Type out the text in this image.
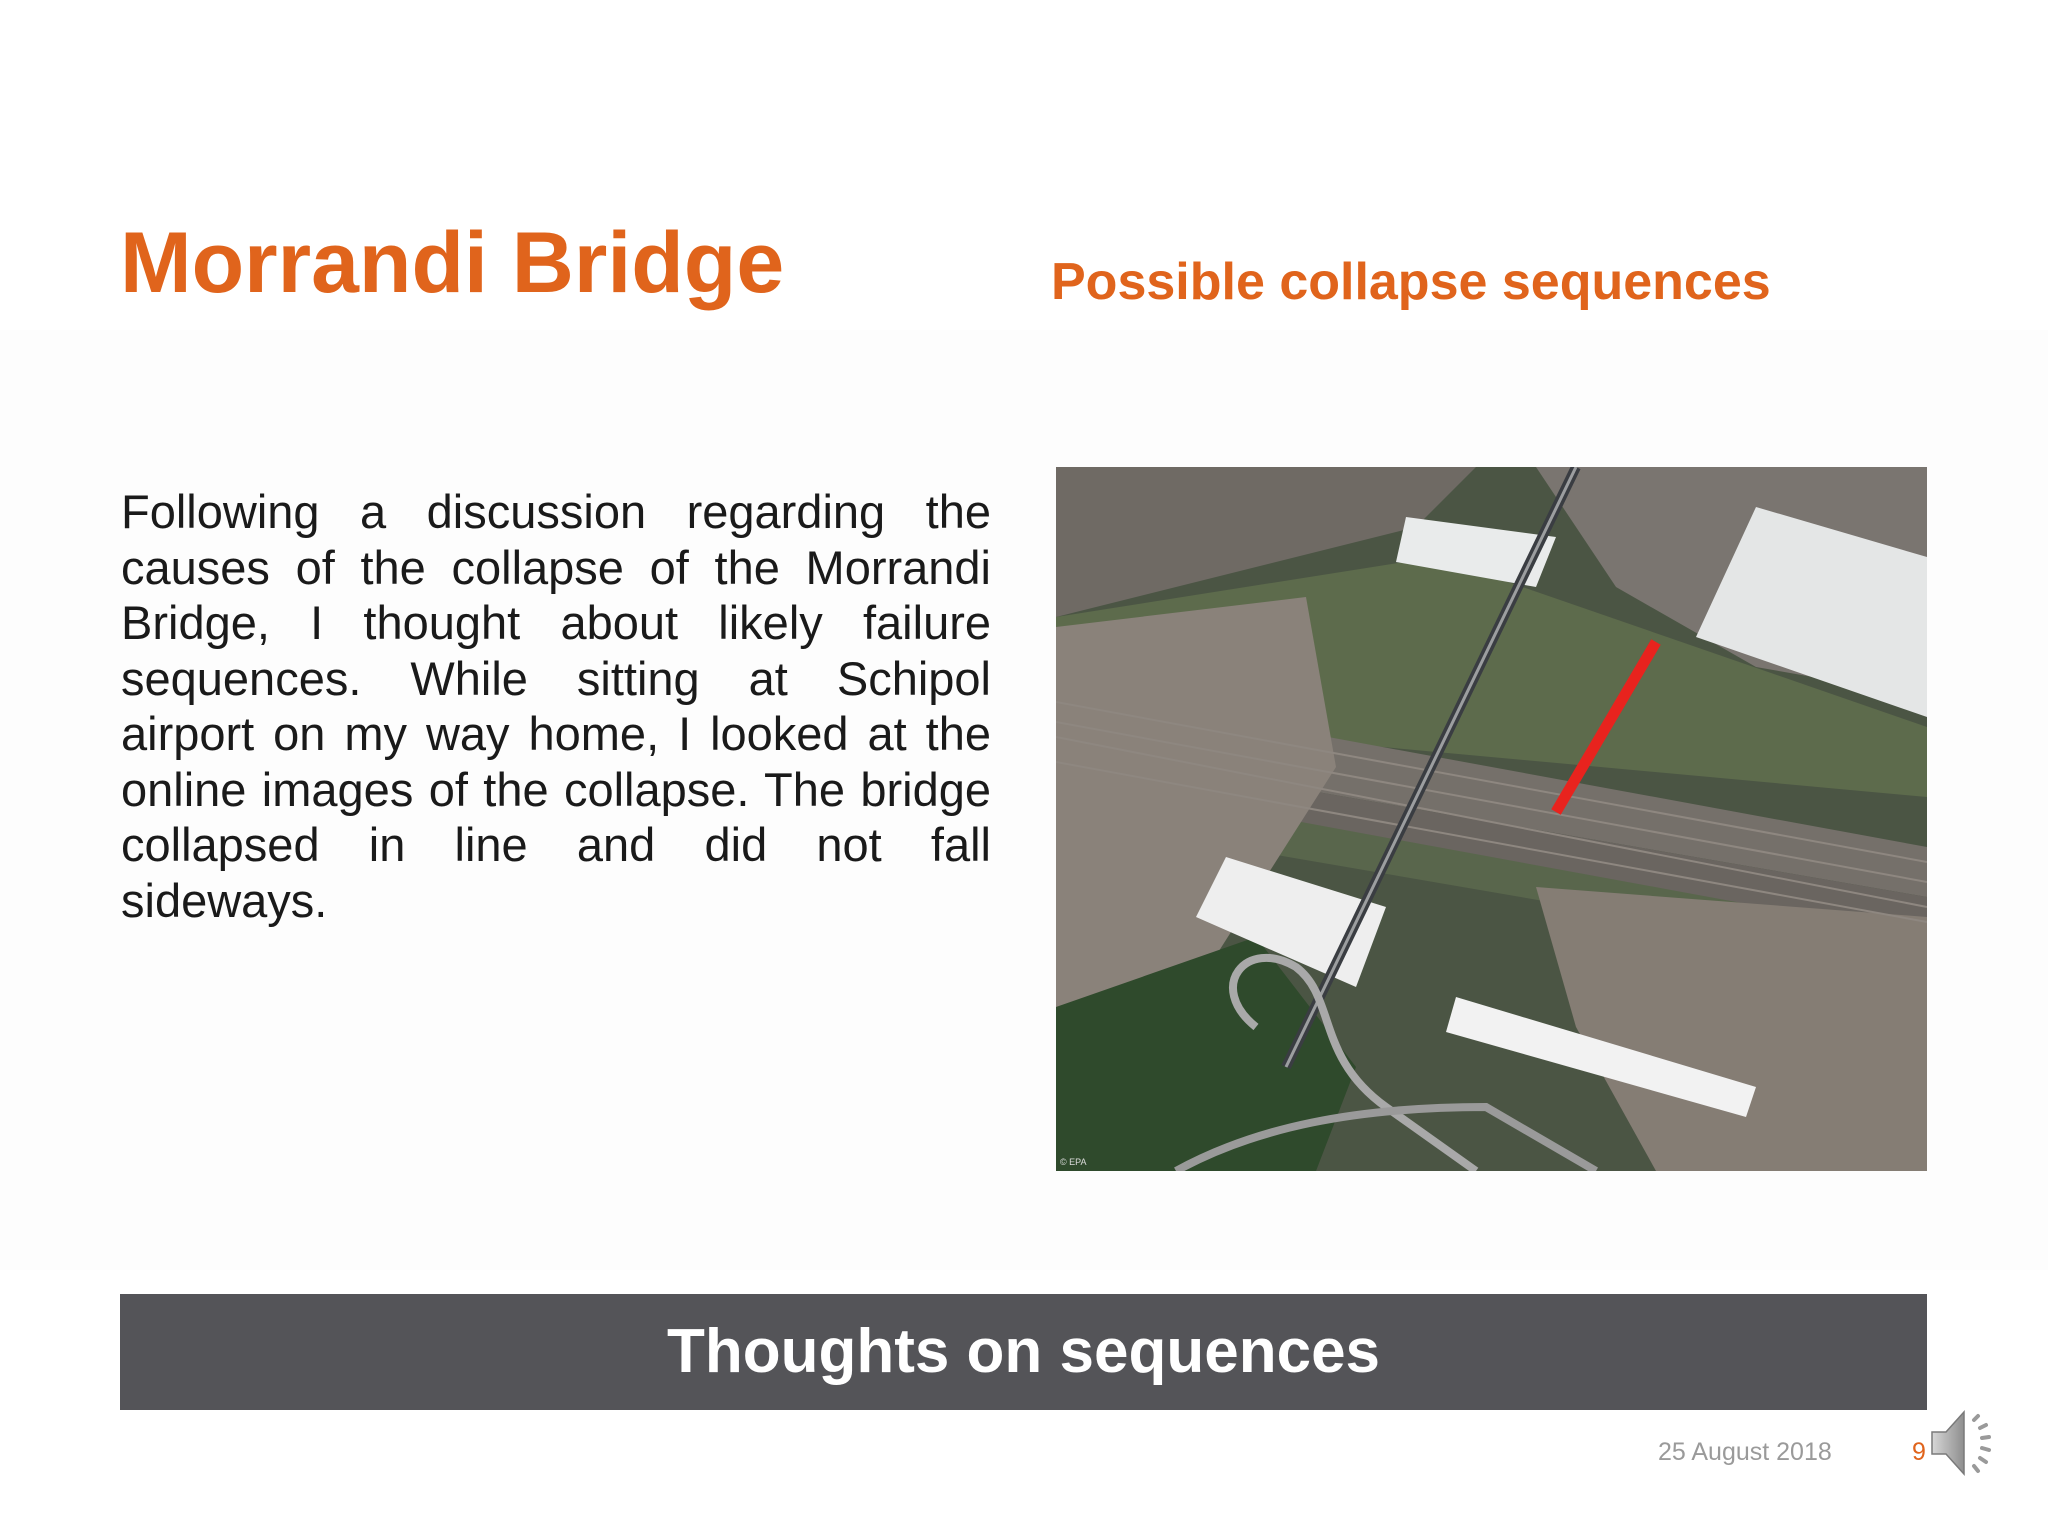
Morrandi Bridge	Possible collapse sequences

Following a discussion regarding the causes of the collapse of the Morrandi Bridge, I thought about likely failure sequences. While sitting at Schipol airport on my way home, I looked at the online images of the collapse. The bridge collapsed in line and did not fall sideways.

© EPA
Thoughts on sequences
25 August 2018	9
